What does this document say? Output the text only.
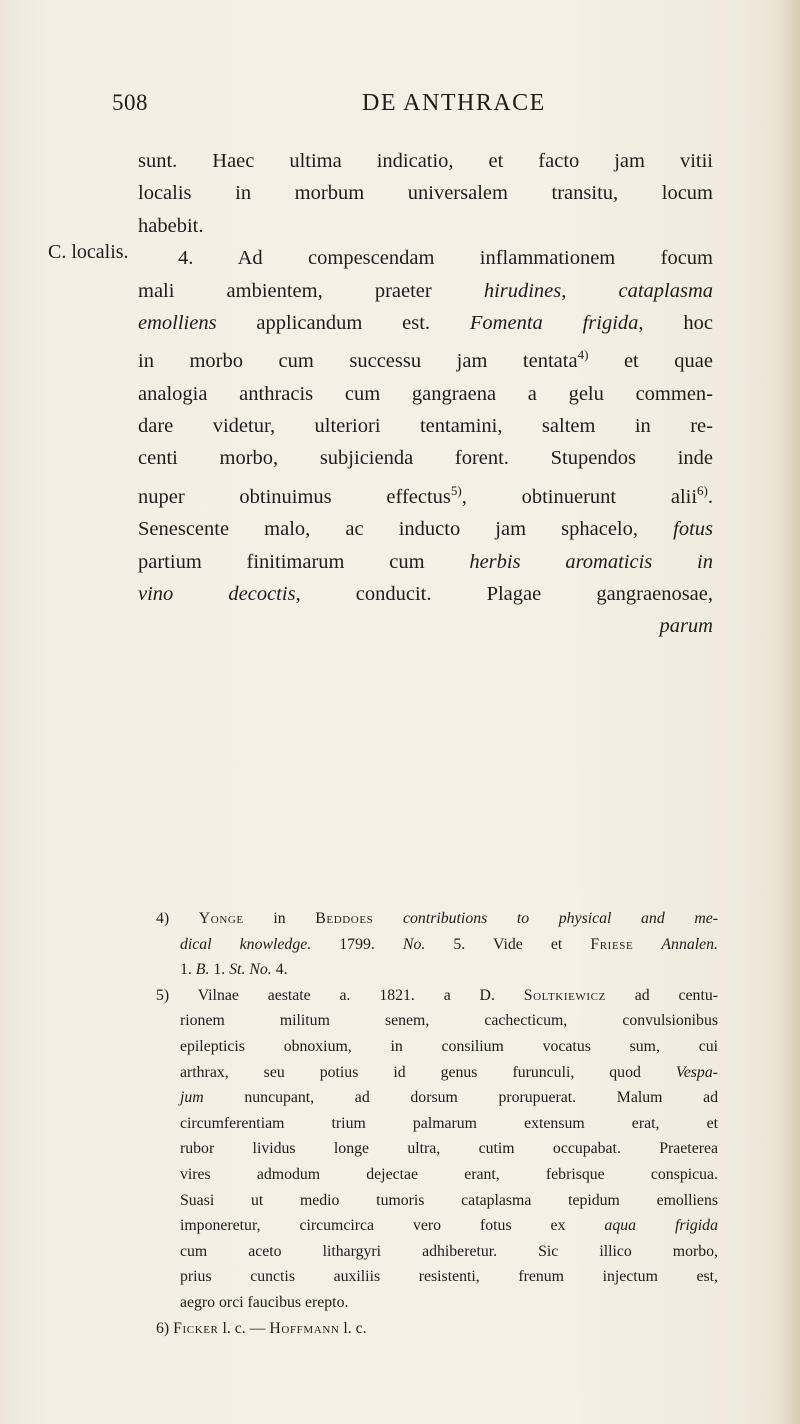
508	DE ANTHRACE
C. localis.
sunt. Haec ultima indicatio, et facto jam vitii
localis in morbum universalem transitu, locum
habebit.
4. Ad compescendam inflammationem focum
mali ambientem, praeter hirudines, cataplasma
emolliens applicandum est. Fomenta frigida, hoc
in morbo cum successu jam tentata$^{4)}$ et quae
analogia anthracis cum gangraena a gelu commen-
dare videtur, ulteriori tentamini, saltem in re-
centi morbo, subjicienda forent. Stupendos inde
nuper obtinuimus effectus$^{5)}$, obtinuerunt alii$^{6)}$.
Senescente malo, ac inducto jam sphacelo, fotus
partium finitimarum cum herbis aromaticis in
vino decoctis, conducit. Plagae gangraenosae,
parum
4) Yonge in Beddoes contributions to physical and me-
dical knowledge. 1799. No. 5. Vide et Friese Annalen.
1. B. 1. St. No. 4.
5) Vilnae aestate a. 1821. a D. Soltkiewicz ad centu-
rionem militum senem, cachecticum, convulsionibus
epilepticis obnoxium, in consilium vocatus sum, cui
arthrax, seu potius id genus furunculi, quod Vespa-
jum nuncupant, ad dorsum prorupuerat. Malum ad
circumferentiam trium palmarum extensum erat, et
rubor lividus longe ultra, cutim occupabat. Praeterea
vires admodum dejectae erant, febrisque conspicua.
Suasi ut medio tumoris cataplasma tepidum emolliens
imponeretur, circumcirca vero fotus ex aqua frigida
cum aceto lithargyri adhiberetur. Sic illico morbo,
prius cunctis auxiliis resistenti, frenum injectum est,
aegro orci faucibus erepto.
6) Ficker l. c. — Hoffmann l. c.
